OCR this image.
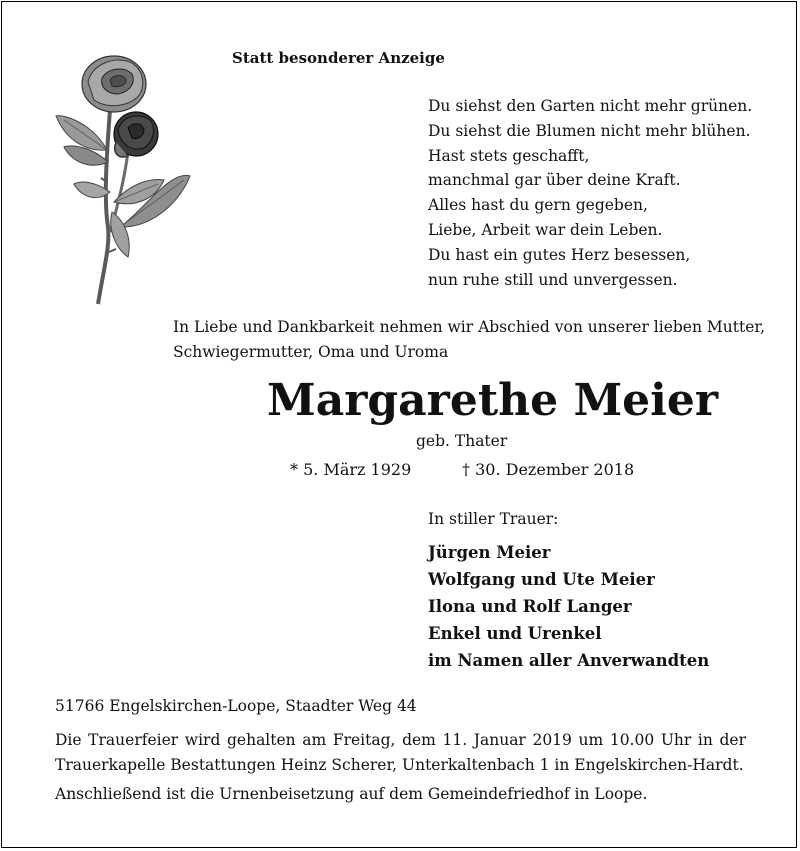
Statt besonderer Anzeige
Du siehst den Garten nicht mehr grünen.
Du siehst die Blumen nicht mehr blühen.
Hast stets geschafft,
manchmal gar über deine Kraft.
Alles hast du gern gegeben,
Liebe, Arbeit war dein Leben.
Du hast ein gutes Herz besessen,
nun ruhe still und unvergessen.
In Liebe und Dankbarkeit nehmen wir Abschied von unserer lieben Mutter,
Schwiegermutter, Oma und Uroma
Margarethe Meier
geb. Thater
* 5. März 1929	† 30. Dezember 2018
In stiller Trauer:
Jürgen Meier
Wolfgang und Ute Meier
Ilona und Rolf Langer
Enkel und Urenkel
im Namen aller Anverwandten
51766 Engelskirchen-Loope, Staadter Weg 44
Die Trauerfeier wird gehalten am Freitag, dem 11. Januar 2019 um 10.00 Uhr in der
Trauerkapelle Bestattungen Heinz Scherer, Unterkaltenbach 1 in Engelskirchen-Hardt.
Anschließend ist die Urnenbeisetzung auf dem Gemeindefriedhof in Loope.
